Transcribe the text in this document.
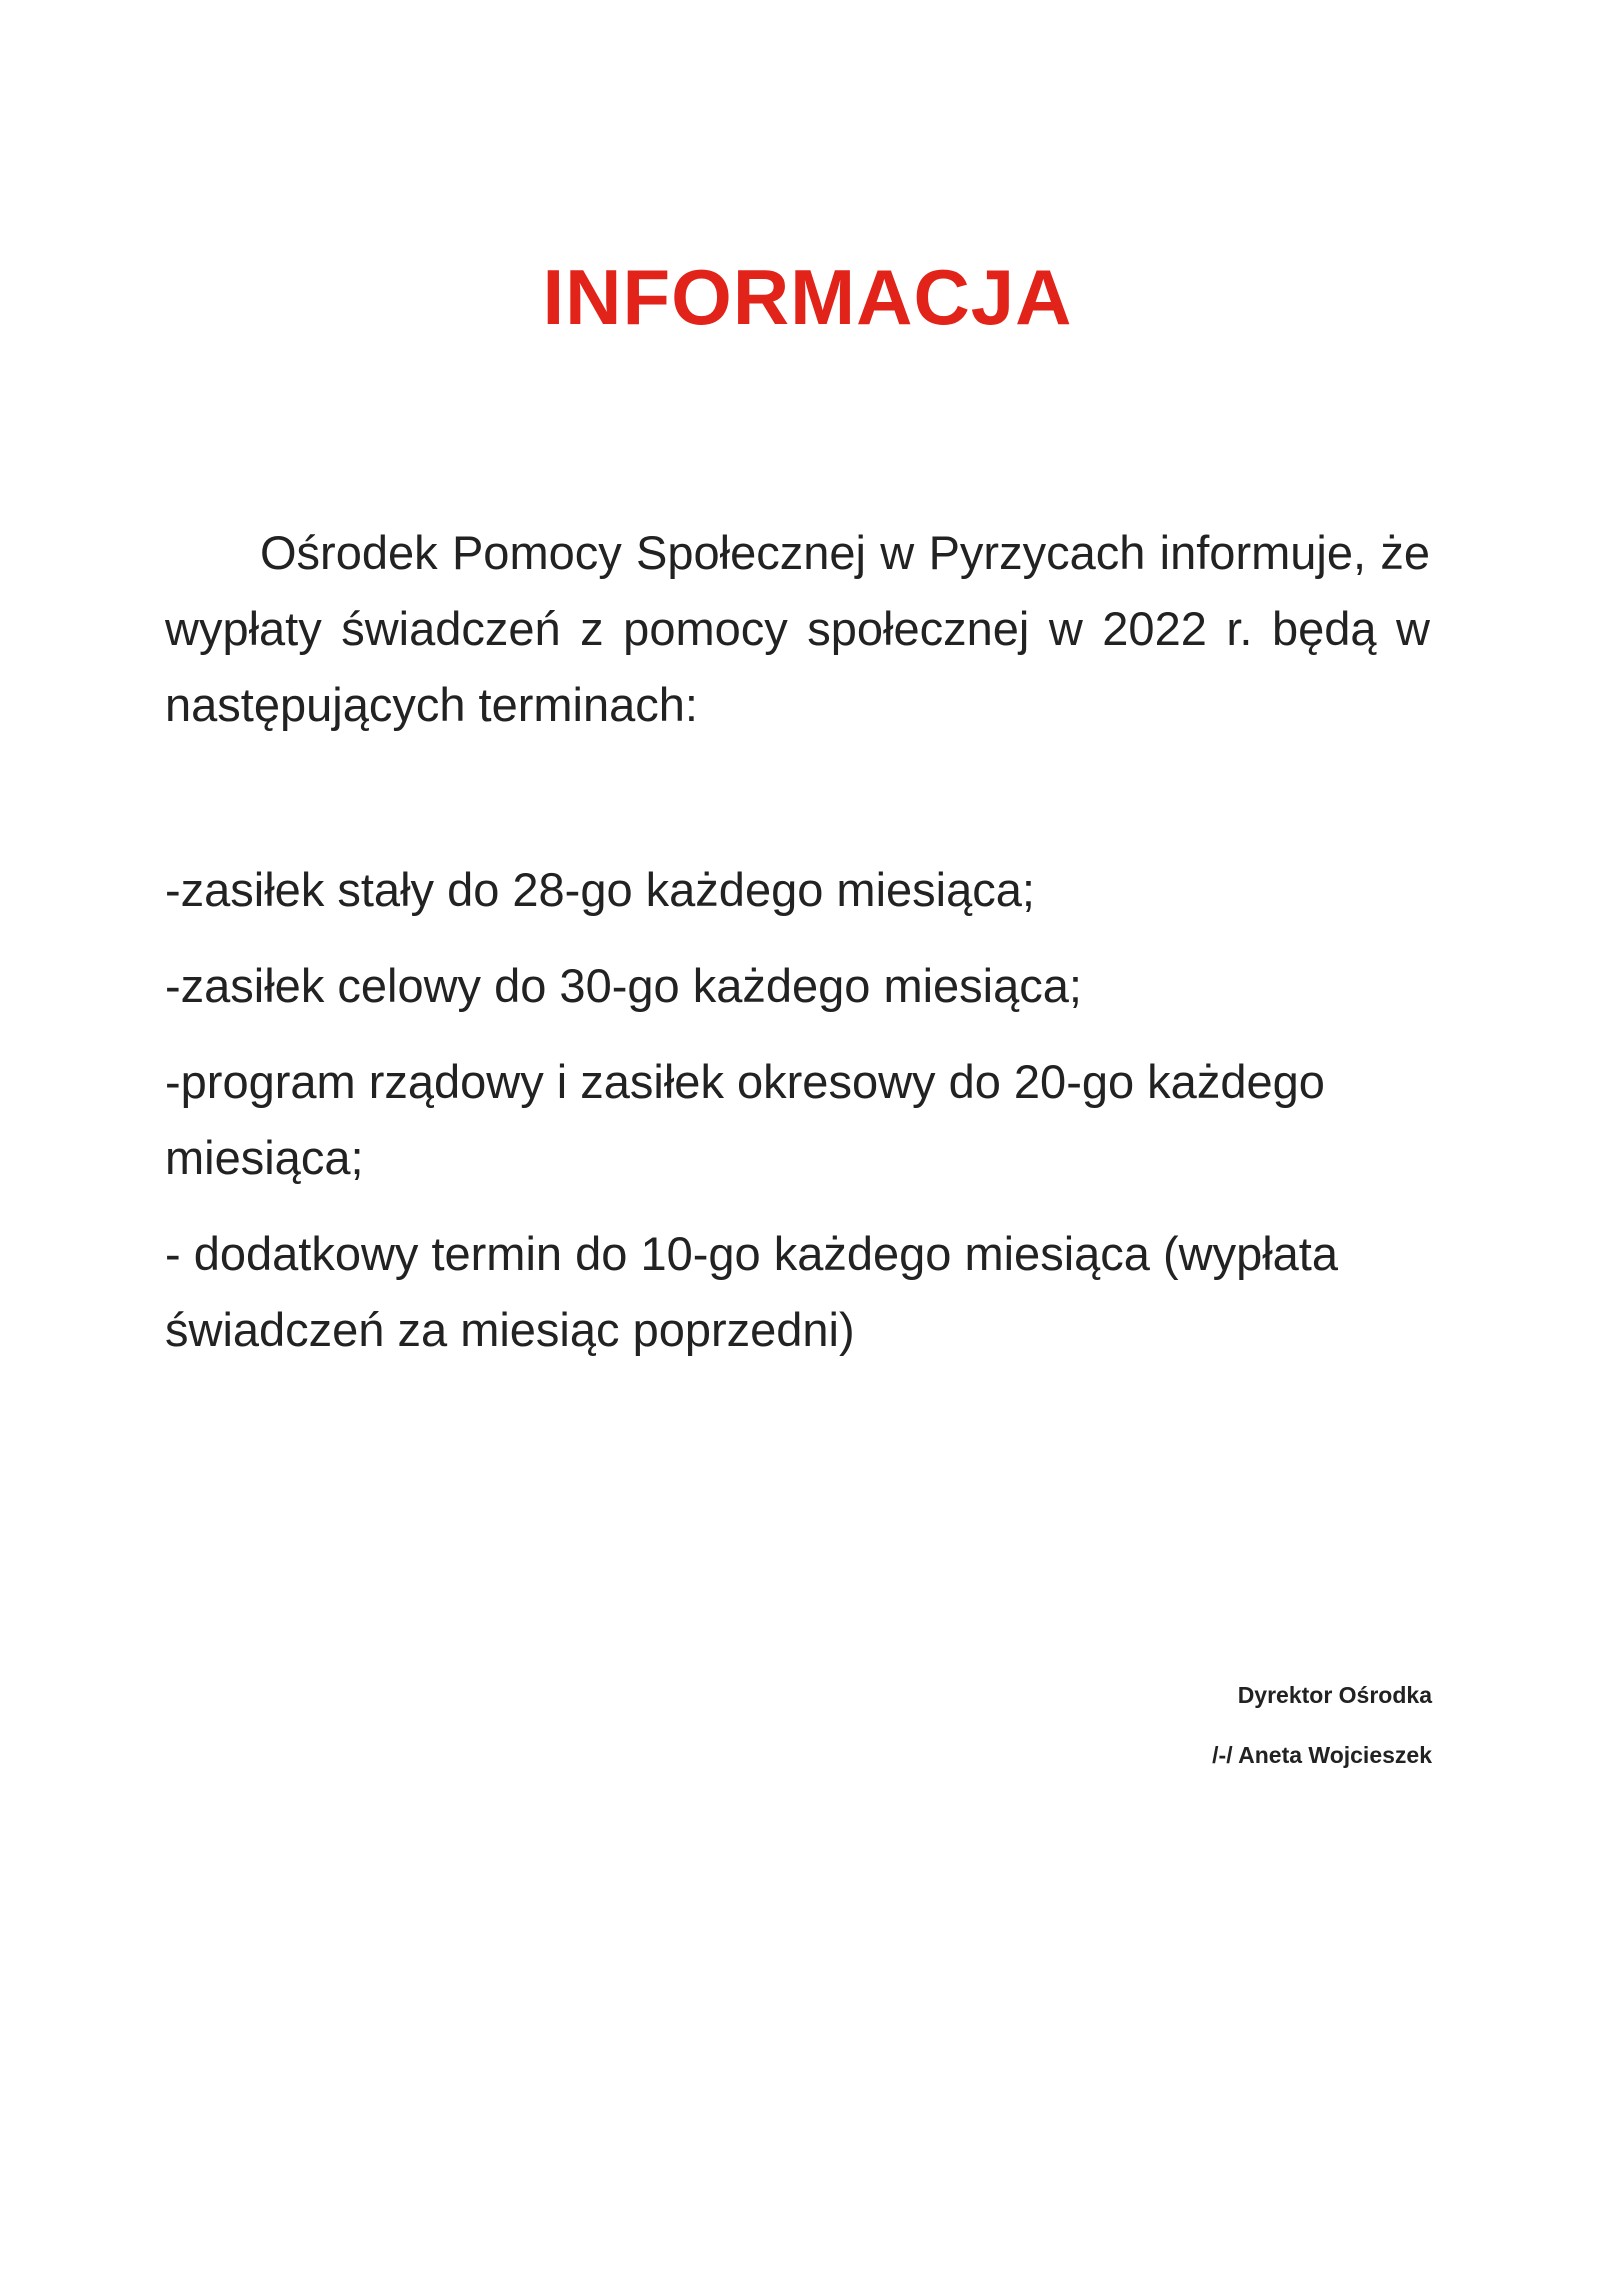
INFORMACJA

Ośrodek Pomocy Społecznej w Pyrzycach informuje, że wypłaty świadczeń z pomocy społecznej w 2022 r. będą w następujących terminach:

-zasiłek stały do 28-go każdego miesiąca;
-zasiłek celowy do 30-go każdego miesiąca;
-program rządowy i zasiłek okresowy do 20-go każdego miesiąca;
- dodatkowy termin do 10-go każdego miesiąca (wypłata świadczeń za miesiąc poprzedni)
Dyrektor Ośrodka
/-/ Aneta Wojcieszek
